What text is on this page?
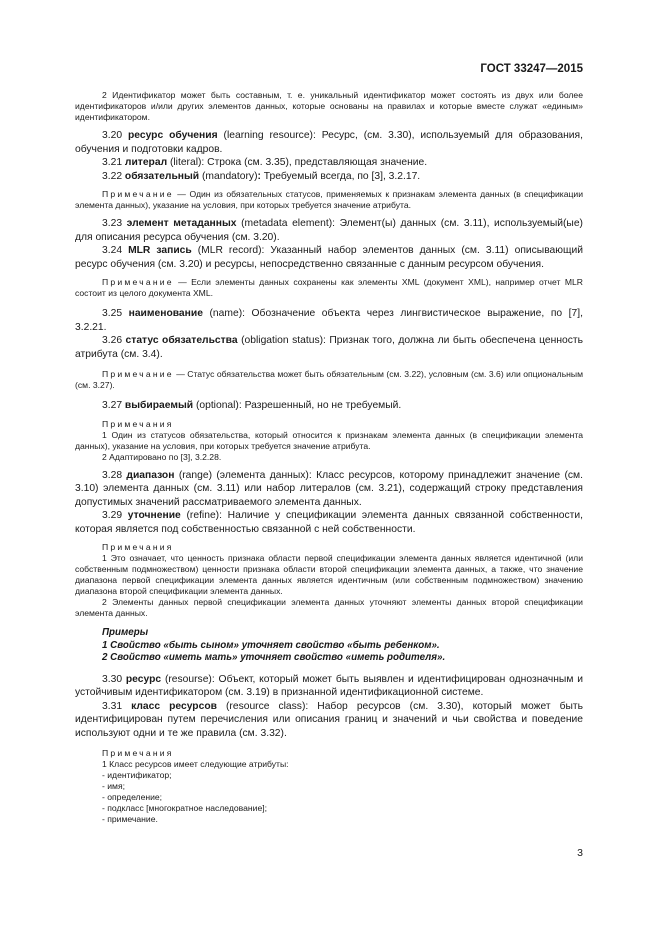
ГОСТ 33247—2015

2 Идентификатор может быть составным, т. е. уникальный идентификатор может состоять из двух или более идентификаторов и/или других элементов данных, которые основаны на правилах и которые вместе служат «единым» идентификатором.

3.20 ресурс обучения (learning resource): Ресурс, (см. 3.30), используемый для образования, обучения и подготовки кадров.

3.21 литерал (literal): Строка (см. 3.35), представляющая значение.

3.22 обязательный (mandatory): Требуемый всегда, по [3], 3.2.17.

Примечание — Один из обязательных статусов, применяемых к признакам элемента данных (в спецификации элемента данных), указание на условия, при которых требуется значение атрибута.

3.23 элемент метаданных (metadata element): Элемент(ы) данных (см. 3.11), используемый(ые) для описания ресурса обучения (см. 3.20).

3.24 MLR запись (MLR record): Указанный набор элементов данных (см. 3.11) описывающий ресурс обучения (см. 3.20) и ресурсы, непосредственно связанные с данным ресурсом обучения.

Примечание — Если элементы данных сохранены как элементы XML (документ XML), например отчет MLR состоит из целого документа XML.

3.25 наименование (name): Обозначение объекта через лингвистическое выражение, по [7], 3.2.21.

3.26 статус обязательства (obligation status): Признак того, должна ли быть обеспечена ценность атрибута (см. 3.4).

Примечание — Статус обязательства может быть обязательным (см. 3.22), условным (см. 3.6) или опциональным (см. 3.27).

3.27 выбираемый (optional): Разрешенный, но не требуемый.

Примечания

1 Один из статусов обязательства, который относится к признакам элемента данных (в спецификации элемента данных), указание на условия, при которых требуется значение атрибута.

2 Адаптировано по [3], 3.2.28.

3.28 диапазон (range) (элемента данных): Класс ресурсов, которому принадлежит значение (см. 3.10) элемента данных (см. 3.11) или набор литералов (см. 3.21), содержащий строку представления допустимых значений рассматриваемого элемента данных.

3.29 уточнение (refine): Наличие у спецификации элемента данных связанной собственности, которая является под собственностью связанной с ней собственности.

Примечания

1 Это означает, что ценность признака области первой спецификации элемента данных является идентичной (или собственным подмножеством) ценности признака области второй спецификации элемента данных, а также, что значение диапазона первой спецификации элемента данных является идентичным (или собственным подмножеством) значению диапазона второй спецификации элемента данных.

2 Элементы данных первой спецификации элемента данных уточняют элементы данных второй спецификации элемента данных.

Примеры

1 Свойство «быть сыном» уточняет свойство «быть ребенком».

2 Свойство «иметь мать» уточняет свойство «иметь родителя».

3.30 ресурс (resourse): Объект, который может быть выявлен и идентифицирован однозначным и устойчивым идентификатором (см. 3.19) в признанной идентификационной системе.

3.31 класс ресурсов (resource class): Набор ресурсов (см. 3.30), который может быть идентифицирован путем перечисления или описания границ и значений и чьи свойства и поведение используют одни и те же правила (см. 3.32).

Примечания

1 Класс ресурсов имеет следующие атрибуты:

- идентификатор;

- имя;

- определение;

- подкласс [многократное наследование];

- примечание.

3
